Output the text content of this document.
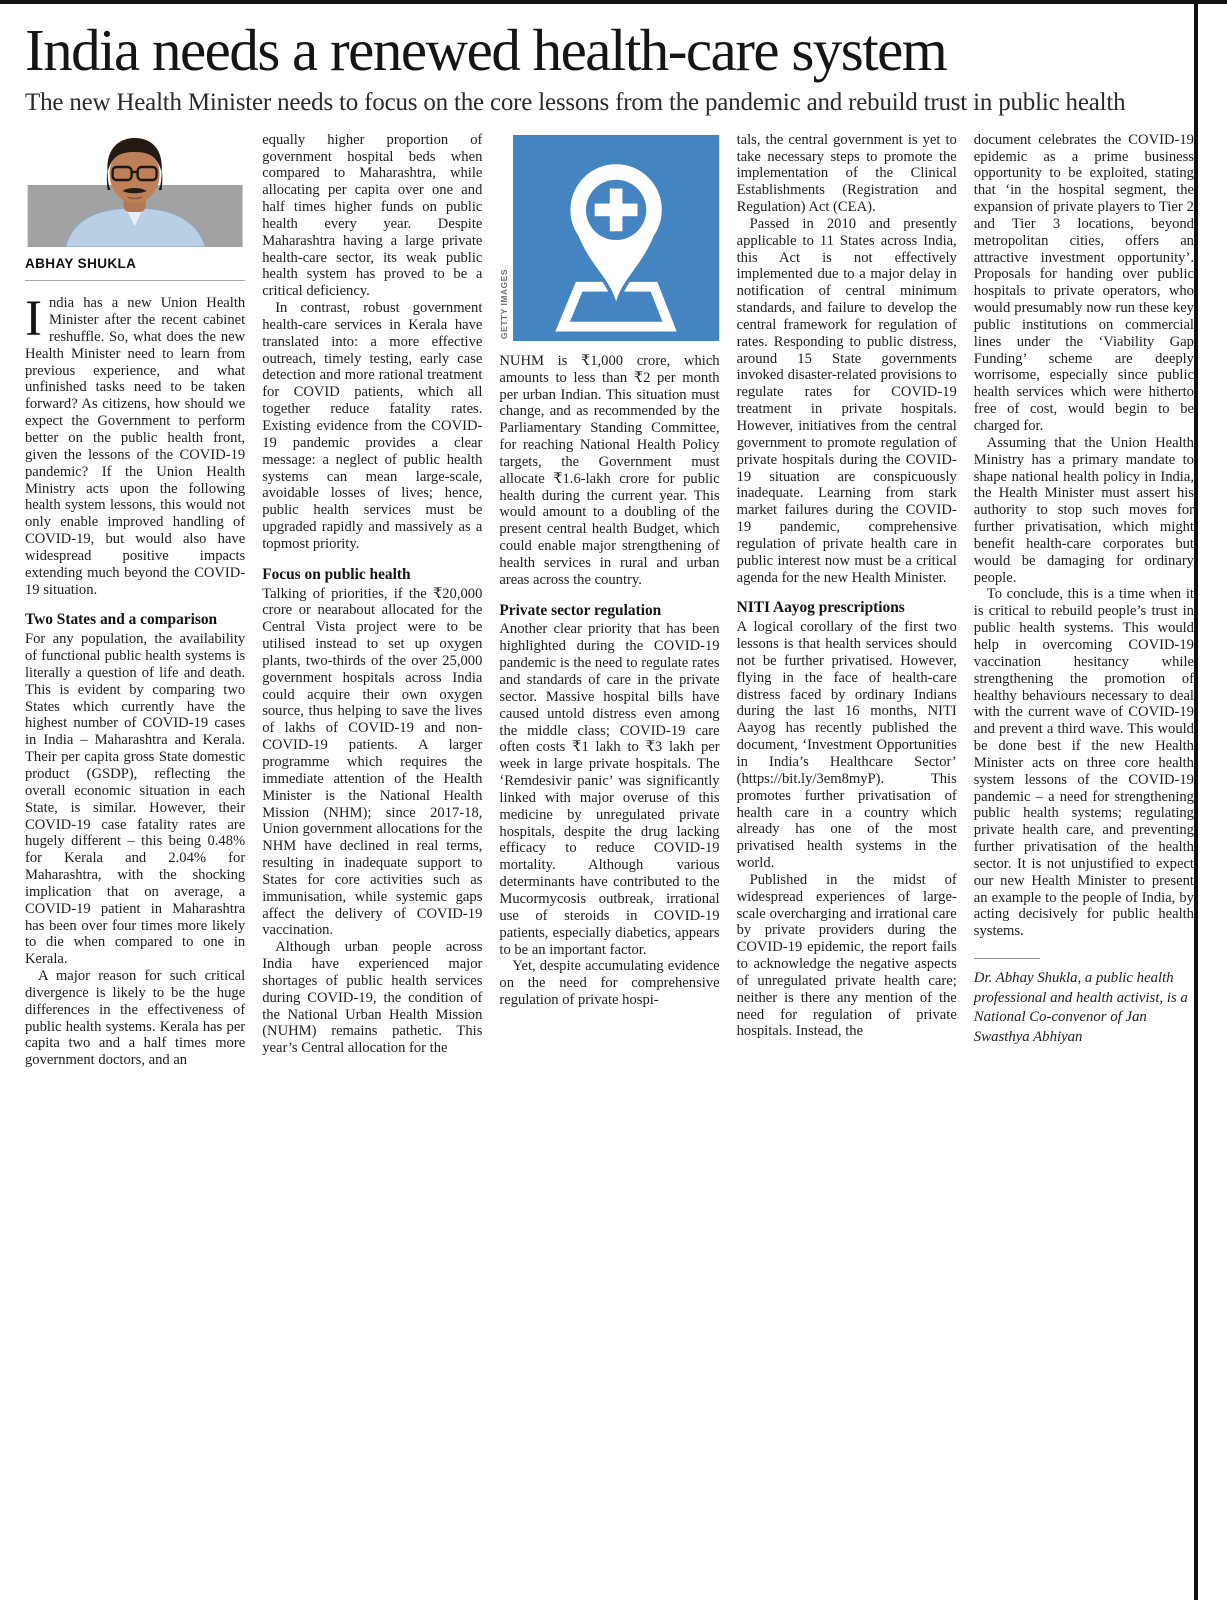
India needs a renewed health-care system
The new Health Minister needs to focus on the core lessons from the pandemic and rebuild trust in public health
ABHAY SHUKLA

India has a new Union Health Minister after the recent cabinet reshuffle. So, what does the new Health Minister need to learn from previous experience, and what unfinished tasks need to be taken forward? As citizens, how should we expect the Government to perform better on the public health front, given the lessons of the COVID-19 pandemic? If the Union Health Ministry acts upon the following health system lessons, this would not only enable improved handling of COVID-19, but would also have widespread positive impacts extending much beyond the COVID-19 situation.

Two States and a comparison

For any population, the availability of functional public health systems is literally a question of life and death. This is evident by comparing two States which currently have the highest number of COVID-19 cases in India – Maharashtra and Kerala. Their per capita gross State domestic product (GSDP), reflecting the overall economic situation in each State, is similar. However, their COVID-19 case fatality rates are hugely different – this being 0.48% for Kerala and 2.04% for Maharashtra, with the shocking implication that on average, a COVID-19 patient in Maharashtra has been over four times more likely to die when compared to one in Kerala.

A major reason for such critical divergence is likely to be the huge differences in the effectiveness of public health systems. Kerala has per capita two and a half times more government doctors, and an

equally higher proportion of government hospital beds when compared to Maharashtra, while allocating per capita over one and half times higher funds on public health every year. Despite Maharashtra having a large private health-care sector, its weak public health system has proved to be a critical deficiency.

In contrast, robust government health-care services in Kerala have translated into: a more effective outreach, timely testing, early case detection and more rational treatment for COVID patients, which all together reduce fatality rates. Existing evidence from the COVID-19 pandemic provides a clear message: a neglect of public health systems can mean large-scale, avoidable losses of lives; hence, public health services must be upgraded rapidly and massively as a topmost priority.

Focus on public health

Talking of priorities, if the ₹20,000 crore or nearabout allocated for the Central Vista project were to be utilised instead to set up oxygen plants, two-thirds of the over 25,000 government hospitals across India could acquire their own oxygen source, thus helping to save the lives of lakhs of COVID-19 and non-COVID-19 patients. A larger programme which requires the immediate attention of the Health Minister is the National Health Mission (NHM); since 2017-18, Union government allocations for the NHM have declined in real terms, resulting in inadequate support to States for core activities such as immunisation, while systemic gaps affect the delivery of COVID-19 vaccination.

Although urban people across India have experienced major shortages of public health services during COVID-19, the condition of the National Urban Health Mission (NUHM) remains pathetic. This year’s Central allocation for the

GETTY IMAGES

NUHM is ₹1,000 crore, which amounts to less than ₹2 per month per urban Indian. This situation must change, and as recommended by the Parliamentary Standing Committee, for reaching National Health Policy targets, the Government must allocate ₹1.6-lakh crore for public health during the current year. This would amount to a doubling of the present central health Budget, which could enable major strengthening of health services in rural and urban areas across the country.

Private sector regulation

Another clear priority that has been highlighted during the COVID-19 pandemic is the need to regulate rates and standards of care in the private sector. Massive hospital bills have caused untold distress even among the middle class; COVID-19 care often costs ₹1 lakh to ₹3 lakh per week in large private hospitals. The ‘Remdesivir panic’ was significantly linked with major overuse of this medicine by unregulated private hospitals, despite the drug lacking efficacy to reduce COVID-19 mortality. Although various determinants have contributed to the Mucormycosis outbreak, irrational use of steroids in COVID-19 patients, especially diabetics, appears to be an important factor.

Yet, despite accumulating evidence on the need for comprehensive regulation of private hospi-

tals, the central government is yet to take necessary steps to promote the implementation of the Clinical Establishments (Registration and Regulation) Act (CEA).

Passed in 2010 and presently applicable to 11 States across India, this Act is not effectively implemented due to a major delay in notification of central minimum standards, and failure to develop the central framework for regulation of rates. Responding to public distress, around 15 State governments invoked disaster-related provisions to regulate rates for COVID-19 treatment in private hospitals. However, initiatives from the central government to promote regulation of private hospitals during the COVID-19 situation are conspicuously inadequate. Learning from stark market failures during the COVID-19 pandemic, comprehensive regulation of private health care in public interest now must be a critical agenda for the new Health Minister.

NITI Aayog prescriptions

A logical corollary of the first two lessons is that health services should not be further privatised. However, flying in the face of health-care distress faced by ordinary Indians during the last 16 months, NITI Aayog has recently published the document, ‘Investment Opportunities in India’s Healthcare Sector’ (https://bit.ly/3em8myP). This promotes further privatisation of health care in a country which already has one of the most privatised health systems in the world.

Published in the midst of widespread experiences of large-scale overcharging and irrational care by private providers during the COVID-19 epidemic, the report fails to acknowledge the negative aspects of unregulated private health care; neither is there any mention of the need for regulation of private hospitals. Instead, the

document celebrates the COVID-19 epidemic as a prime business opportunity to be exploited, stating that ‘in the hospital segment, the expansion of private players to Tier 2 and Tier 3 locations, beyond metropolitan cities, offers an attractive investment opportunity’. Proposals for handing over public hospitals to private operators, who would presumably now run these key public institutions on commercial lines under the ‘Viability Gap Funding’ scheme are deeply worrisome, especially since public health services which were hitherto free of cost, would begin to be charged for.

Assuming that the Union Health Ministry has a primary mandate to shape national health policy in India, the Health Minister must assert his authority to stop such moves for further privatisation, which might benefit health-care corporates but would be damaging for ordinary people.

To conclude, this is a time when it is critical to rebuild people’s trust in public health systems. This would help in overcoming COVID-19 vaccination hesitancy while strengthening the promotion of healthy behaviours necessary to deal with the current wave of COVID-19 and prevent a third wave. This would be done best if the new Health Minister acts on three core health system lessons of the COVID-19 pandemic – a need for strengthening public health systems; regulating private health care, and preventing further privatisation of the health sector. It is not unjustified to expect our new Health Minister to present an example to the people of India, by acting decisively for public health systems.

Dr. Abhay Shukla, a public health professional and health activist, is a National Co-convenor of Jan Swasthya Abhiyan
